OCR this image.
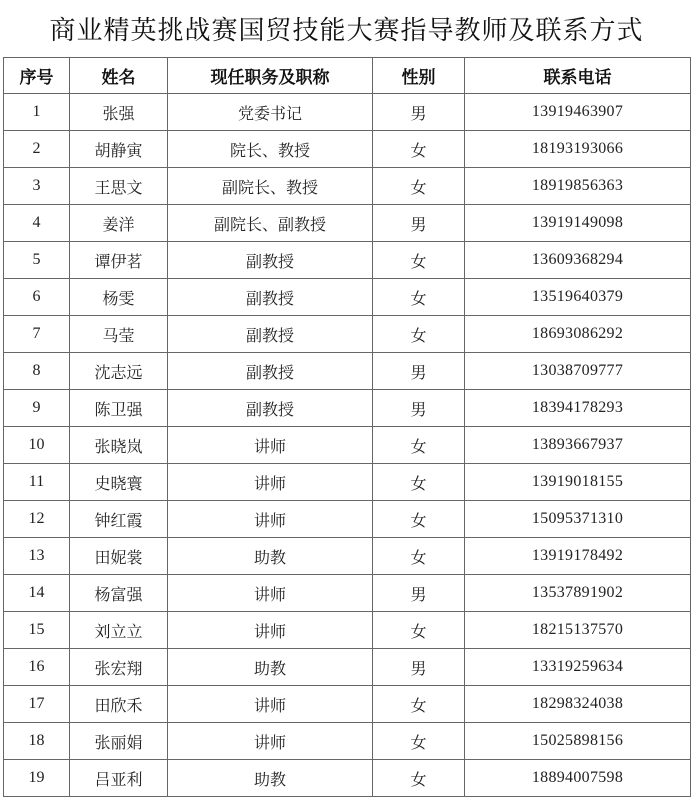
商业精英挑战赛国贸技能大赛指导教师及联系方式
序号	姓名	现任职务及职称	性别	联系电话
1	张强	党委书记	男	13919463907
2	胡静寅	院长、教授	女	18193193066
3	王思文	副院长、教授	女	18919856363
4	姜洋	副院长、副教授	男	13919149098
5	谭伊茗	副教授	女	13609368294
6	杨雯	副教授	女	13519640379
7	马莹	副教授	女	18693086292
8	沈志远	副教授	男	13038709777
9	陈卫强	副教授	男	18394178293
10	张晓岚	讲师	女	13893667937
11	史晓寰	讲师	女	13919018155
12	钟红霞	讲师	女	15095371310
13	田妮裳	助教	女	13919178492
14	杨富强	讲师	男	13537891902
15	刘立立	讲师	女	18215137570
16	张宏翔	助教	男	13319259634
17	田欣禾	讲师	女	18298324038
18	张丽娟	讲师	女	15025898156
19	吕亚利	助教	女	18894007598
